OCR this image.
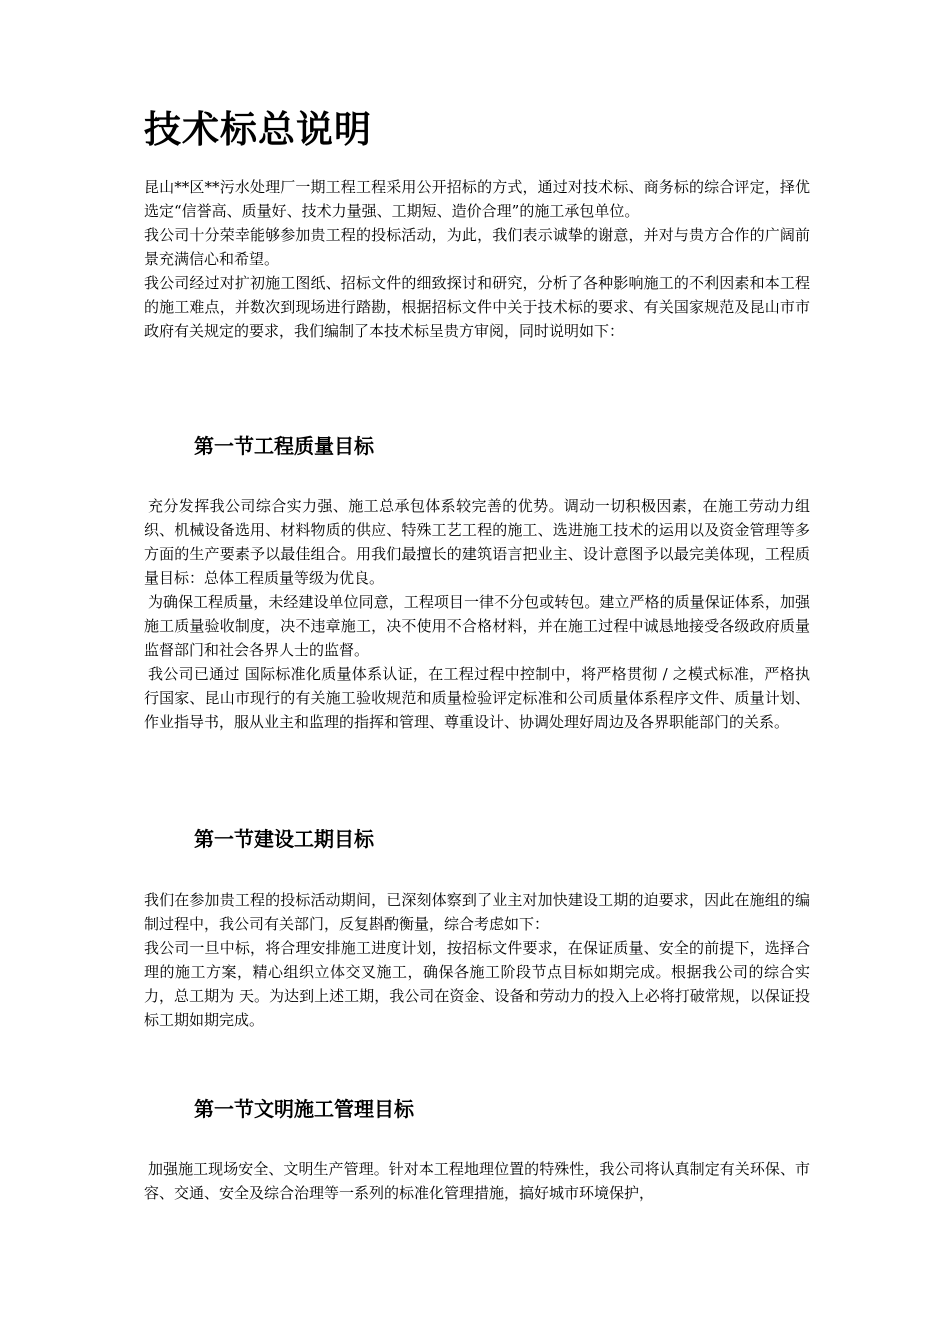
技术标总说明

昆山**区**污水处理厂一期工程工程采用公开招标的方式，通过对技术标、商务标的综合评定，择优选定“信誉高、质量好、技术力量强、工期短、造价合理”的施工承包单位。

我公司十分荣幸能够参加贵工程的投标活动，为此，我们表示诚挚的谢意，并对与贵方合作的广阔前景充满信心和希望。

我公司经过对扩初施工图纸、招标文件的细致探讨和研究，分析了各种影响施工的不利因素和本工程的施工难点，并数次到现场进行踏勘，根据招标文件中关于技术标的要求、有关国家规范及昆山市市政府有关规定的要求，我们编制了本技术标呈贵方审阅，同时说明如下：

第一节工程质量目标

充分发挥我公司综合实力强、施工总承包体系较完善的优势。调动一切积极因素，在施工劳动力组织、机械设备选用、材料物质的供应、特殊工艺工程的施工、选进施工技术的运用以及资金管理等多方面的生产要素予以最佳组合。用我们最擅长的建筑语言把业主、设计意图予以最完美体现，工程质量目标：总体工程质量等级为优良。

为确保工程质量，未经建设单位同意，工程项目一律不分包或转包。建立严格的质量保证体系，加强施工质量验收制度，决不违章施工，决不使用不合格材料，并在施工过程中诚恳地接受各级政府质量监督部门和社会各界人士的监督。

我公司已通过 国际标准化质量体系认证，在工程过程中控制中，将严格贯彻 / 之模式标准，严格执行国家、昆山市现行的有关施工验收规范和质量检验评定标准和公司质量体系程序文件、质量计划、作业指导书，服从业主和监理的指挥和管理、尊重设计、协调处理好周边及各界职能部门的关系。

第一节建设工期目标

我们在参加贵工程的投标活动期间，已深刻体察到了业主对加快建设工期的迫要求，因此在施组的编制过程中，我公司有关部门，反复斟酌衡量，综合考虑如下：

我公司一旦中标，将合理安排施工进度计划，按招标文件要求，在保证质量、安全的前提下，选择合理的施工方案，精心组织立体交叉施工，确保各施工阶段节点目标如期完成。根据我公司的综合实力，总工期为 天。为达到上述工期，我公司在资金、设备和劳动力的投入上必将打破常规，以保证投标工期如期完成。

第一节文明施工管理目标

加强施工现场安全、文明生产管理。针对本工程地理位置的特殊性，我公司将认真制定有关环保、市容、交通、安全及综合治理等一系列的标准化管理措施，搞好城市环境保护，
